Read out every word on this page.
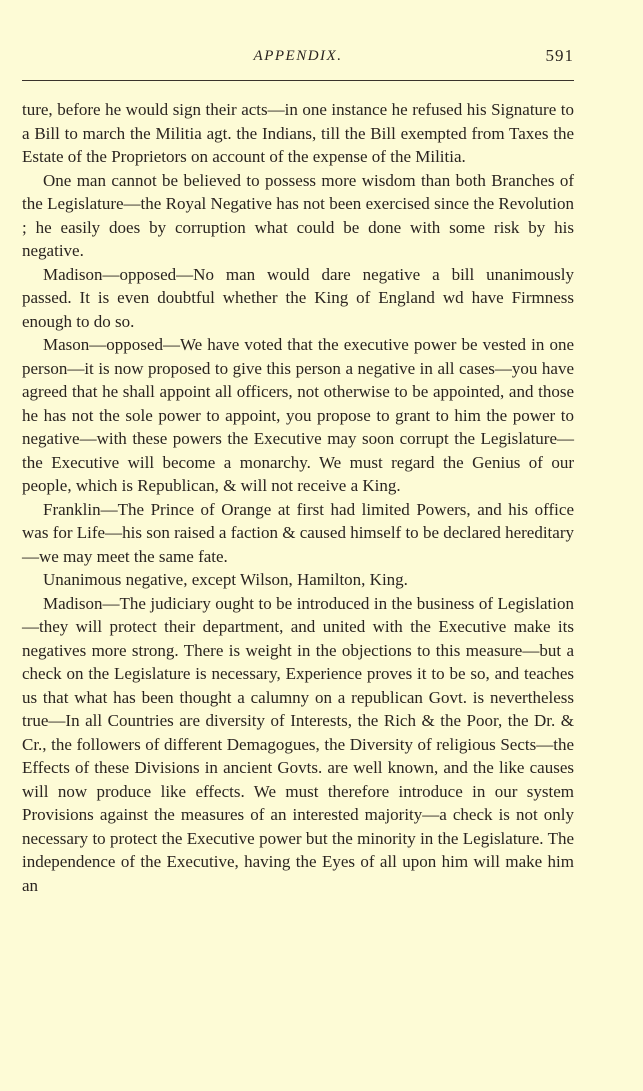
APPENDIX.	591

ture, before he would sign their acts—in one instance he refused his Signature to a Bill to march the Militia agt. the Indians, till the Bill exempted from Taxes the Estate of the Proprietors on account of the expense of the Militia.

One man cannot be believed to possess more wisdom than both Branches of the Legislature—the Royal Negative has not been exercised since the Revolution ; he easily does by corruption what could be done with some risk by his negative.

Madison—opposed—No man would dare negative a bill unanimously passed. It is even doubtful whether the King of England wd have Firmness enough to do so.

Mason—opposed—We have voted that the executive power be vested in one person—it is now proposed to give this person a negative in all cases—you have agreed that he shall appoint all officers, not otherwise to be appointed, and those he has not the sole power to appoint, you propose to grant to him the power to negative—with these powers the Executive may soon corrupt the Legislature—the Executive will become a monarchy. We must regard the Genius of our people, which is Republican, & will not receive a King.

Franklin—The Prince of Orange at first had limited Powers, and his office was for Life—his son raised a faction & caused himself to be declared hereditary—we may meet the same fate.

Unanimous negative, except Wilson, Hamilton, King.

Madison—The judiciary ought to be introduced in the business of Legislation—they will protect their department, and united with the Executive make its negatives more strong. There is weight in the objections to this measure—but a check on the Legislature is necessary, Experience proves it to be so, and teaches us that what has been thought a calumny on a republican Govt. is nevertheless true—In all Countries are diversity of Interests, the Rich & the Poor, the Dr. & Cr., the followers of different Demagogues, the Diversity of religious Sects—the Effects of these Divisions in ancient Govts. are well known, and the like causes will now produce like effects. We must therefore introduce in our system Provisions against the measures of an interested majority—a check is not only necessary to protect the Executive power but the minority in the Legislature. The independence of the Executive, having the Eyes of all upon him will make him an
